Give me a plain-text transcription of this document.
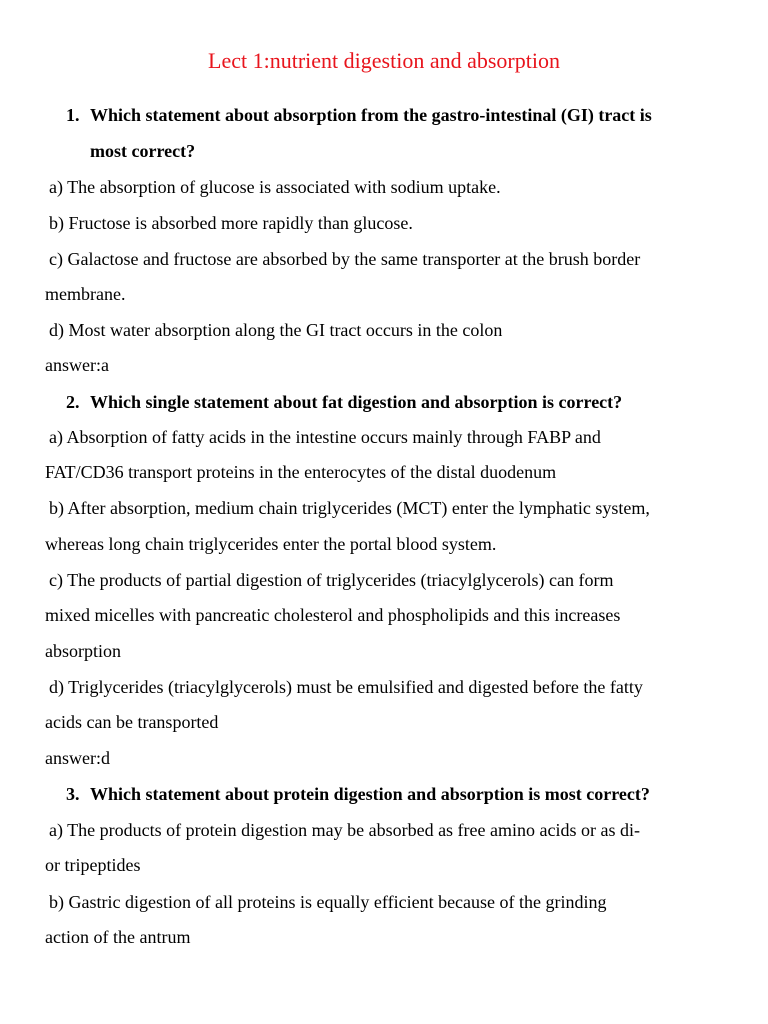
Lect 1:nutrient digestion and absorption
1. Which statement about absorption from the gastro-intestinal (GI) tract is
most correct?
a) The absorption of glucose is associated with sodium uptake.
b) Fructose is absorbed more rapidly than glucose.
c) Galactose and fructose are absorbed by the same transporter at the brush border
membrane.
d) Most water absorption along the GI tract occurs in the colon
answer:a
2. Which single statement about fat digestion and absorption is correct?
a) Absorption of fatty acids in the intestine occurs mainly through FABP and
FAT/CD36 transport proteins in the enterocytes of the distal duodenum
b) After absorption, medium chain triglycerides (MCT) enter the lymphatic system,
whereas long chain triglycerides enter the portal blood system.
c) The products of partial digestion of triglycerides (triacylglycerols) can form
mixed micelles with pancreatic cholesterol and phospholipids and this increases
absorption
d) Triglycerides (triacylglycerols) must be emulsified and digested before the fatty
acids can be transported
answer:d
3. Which statement about protein digestion and absorption is most correct?
a) The products of protein digestion may be absorbed as free amino acids or as di-
or tripeptides
b) Gastric digestion of all proteins is equally efficient because of the grinding
action of the antrum
